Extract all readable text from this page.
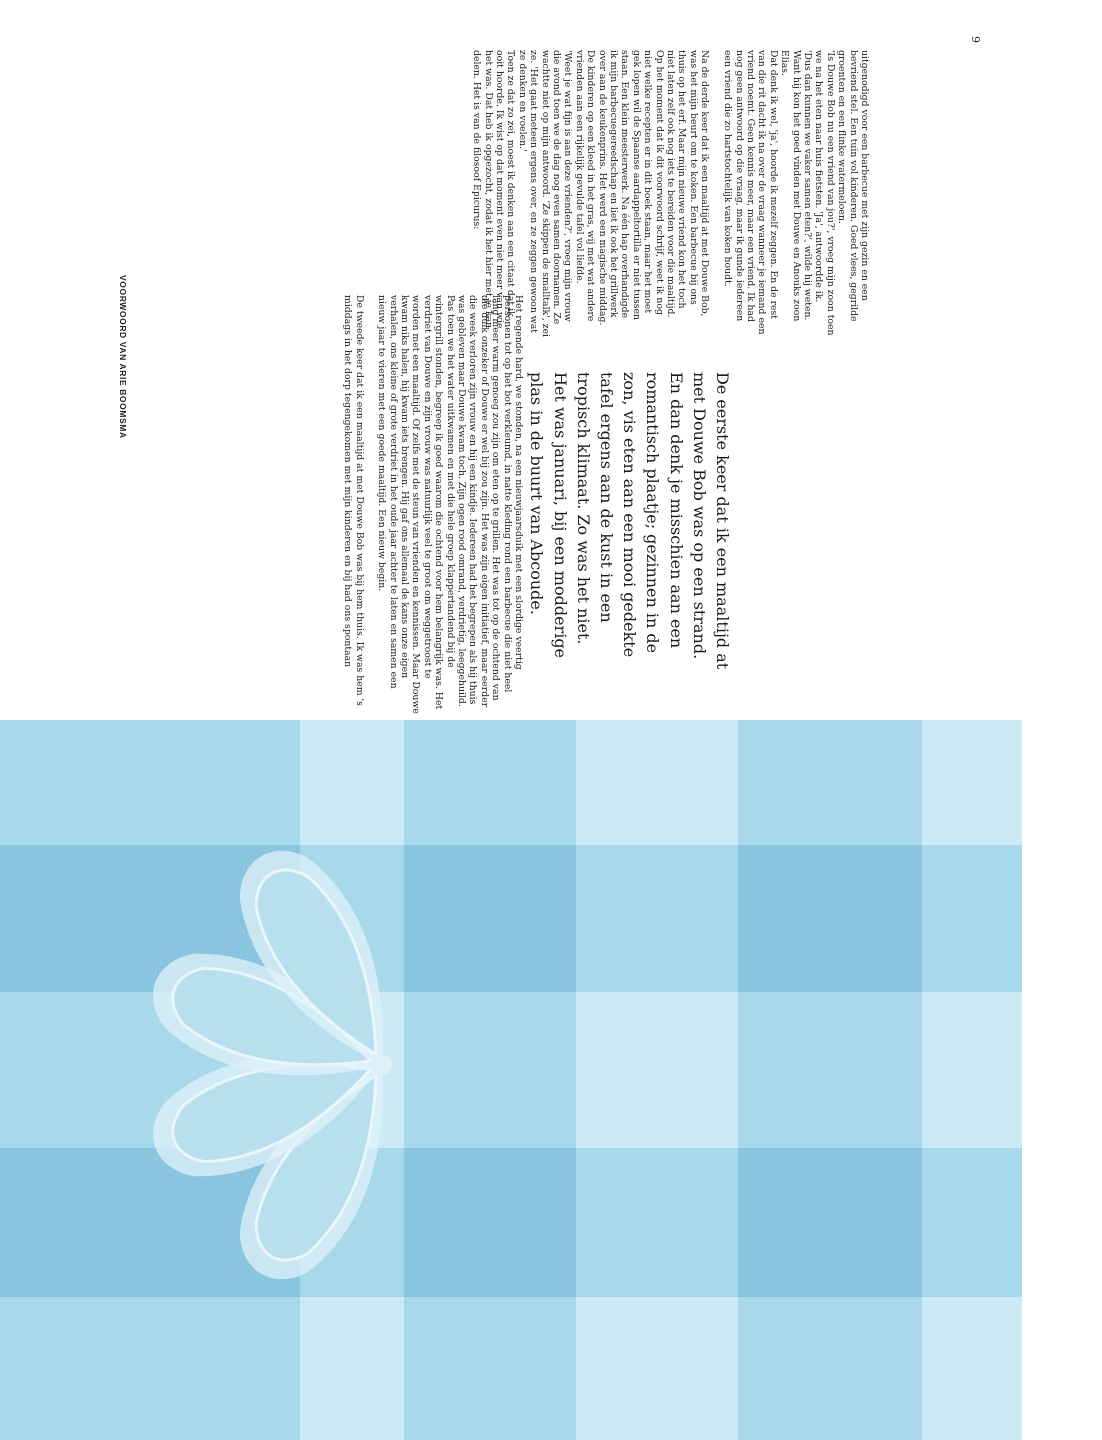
9
VOORWOORD VAN ARIE BOOMSMA
De eerste keer dat ik een maaltijd at met Douwe Bob was op een strand. En dan denk je misschien aan een romantisch plaatje; gezinnen in de zon, vis eten aan een mooi gedekte tafel ergens aan de kust in een tropisch klimaat. Zo was het niet. Het was januari, bij een modderige plas in de buurt van Abcoude.

Het regende hard, we stonden, na een nieuwjaarsduik met een slordige veertig personen tot op het bot verkleumd, in natte kleding rond een barbecue die niet heel lang meer warm genoeg zou zijn om eten op te grillen. Het was tot op de ochtend van die duik onzeker of Douwe er wel bij zou zijn. Het was zijn eigen initiatief, maar eerder die week verloren zijn vrouw en hij een kindje. Iedereen had het begrepen als hij thuis was gebleven maar Douwe kwam toch. Zijn ogen rood omrand, verdrietig, leeggehuild. Pas toen we het water uitkwamen en met die hele groep klappertandend bij de wintergrill stonden, begreep ik goed waarom die ochtend voor hem belangrijk was. Het verdriet van Douwe en zijn vrouw was natuurlijk veel te groot om weggetroost te worden met een maaltijd. Of zelfs met de steun van vrienden en kennissen. Maar Douwe kwam niks halen, hij kwam iets brengen. Hij gaf ons allemaal de kans onze eigen verhalen, ons kleine of grote verdriet in het oude jaar achter te laten en samen een nieuw jaar te vieren met een goede maaltijd. Een nieuw begin.

De tweede keer dat ik een maaltijd at met Douwe Bob was bij hem thuis. Ik was hem 's middags in het dorp tegengekomen met mijn kinderen en bij had ons spontaan

uitgenodigd voor een barbecue met zijn gezin en een
bevriend stel. Een tuin vol kinderen. Goed vlees, gegrilde
groenten en een flinke watermeloen.
'Is Douwe Bob nu een vriend van jou?', vroeg mijn zoon toen
we na het eten naar huis fietsten. 'Ja', antwoordde ik.
'Dus dan kunnen we vaker samen eten?', wilde hij weten.
Want hij kon het goed vinden met Douwe en Anouks zoon
Elias.
Dat denk ik wel, 'ja', hoorde ik mezelf zeggen. En de rest
van die rit dacht ik na over de vraag wanneer je iemand een
vriend noemt. Geen kennis meer, maar een vriend. Ik had
nog geen antwoord op die vraag, maar ik gunde iedereen
een vriend die zo hartstochtelijk van koken houdt.

Na de derde keer dat ik een maaltijd at met Douwe Bob,
was het mijn beurt om te koken. Een barbecue bij ons
thuis op het erf. Maar mijn nieuwe vriend kon het toch
niet laten zelf ook nog iets te bereiden voor die maaltijd.
Op het moment dat ik dit voorwoord schrijf, weet ik nog
niet welke recepten er in dit boek staan, maar het moet
gek lopen wil de Spaanse aardappeltortilla er niet tussen
staan. Een klein meesterwerk. Na één hap overhandigde
ik mijn barbecuegereedschap en liet ik ook het grillwerk
over aan de keukenprins. Het werd een magische middag.
De kinderen op een kleed in het gras, wij met wat andere
vrienden aan een rijkelijk gevulde tafel vol liefde.
'Weet je wat fijn is aan deze vrienden?', vroeg mijn vrouw
die avond toen we de dag nog even samen doornamen. Ze
wachtte niet op mijn antwoord. 'Ze skippen de smalltalk', zei
ze. 'Het gaat meteen ergens over, en ze zeggen gewoon wat
ze denken en voelen.'
Toen ze dat zo zei, moest ik denken aan een citaat dat ik
ooit hoorde. Ik wist op dat moment even niet meer van wie
het was. Dat heb ik opgezocht, zodat ik het hier met je kan
delen. Het is van de filosoof Epicurus:
